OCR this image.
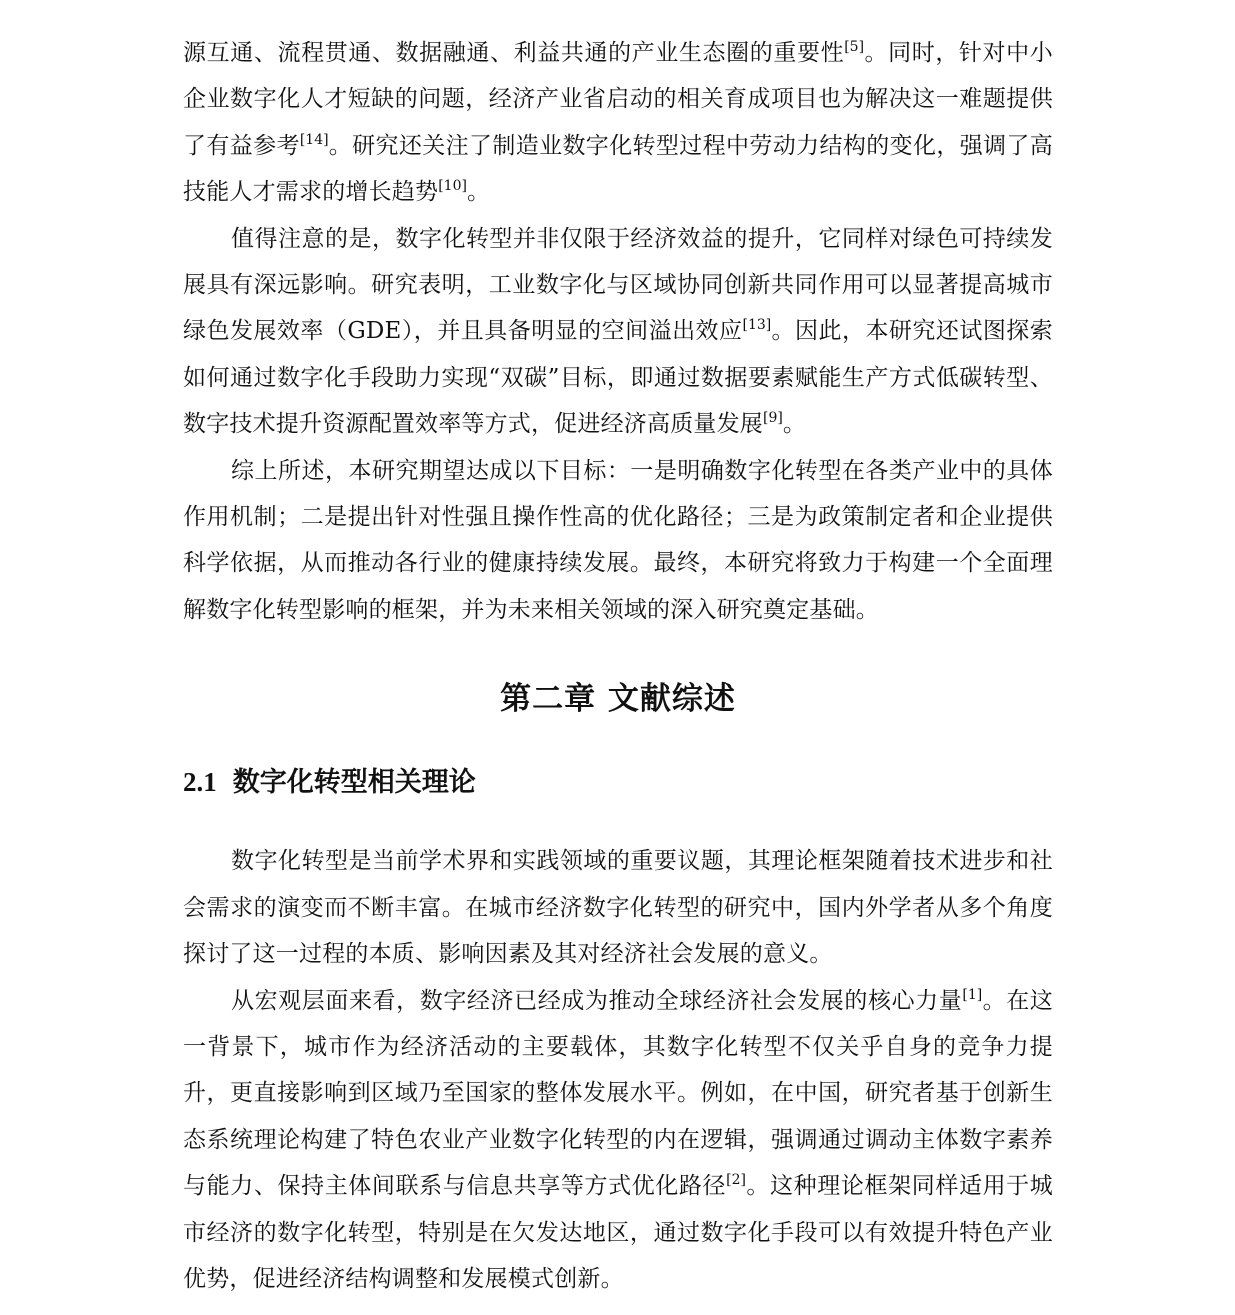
源互通、流程贯通、数据融通、利益共通的产业生态圈的重要性[5]。同时，针对中小企业数字化人才短缺的问题，经济产业省启动的相关育成项目也为解决这一难题提供了有益参考[14]。研究还关注了制造业数字化转型过程中劳动力结构的变化，强调了高技能人才需求的增长趋势[10]。

值得注意的是，数字化转型并非仅限于经济效益的提升，它同样对绿色可持续发展具有深远影响。研究表明，工业数字化与区域协同创新共同作用可以显著提高城市绿色发展效率（GDE），并且具备明显的空间溢出效应[13]。因此，本研究还试图探索如何通过数字化手段助力实现“双碳”目标，即通过数据要素赋能生产方式低碳转型、数字技术提升资源配置效率等方式，促进经济高质量发展[9]。

综上所述，本研究期望达成以下目标：一是明确数字化转型在各类产业中的具体作用机制；二是提出针对性强且操作性高的优化路径；三是为政策制定者和企业提供科学依据，从而推动各行业的健康持续发展。最终，本研究将致力于构建一个全面理解数字化转型影响的框架，并为未来相关领域的深入研究奠定基础。

第二章 文献综述
2.1 数字化转型相关理论

数字化转型是当前学术界和实践领域的重要议题，其理论框架随着技术进步和社会需求的演变而不断丰富。在城市经济数字化转型的研究中，国内外学者从多个角度探讨了这一过程的本质、影响因素及其对经济社会发展的意义。

从宏观层面来看，数字经济已经成为推动全球经济社会发展的核心力量[1]。在这一背景下，城市作为经济活动的主要载体，其数字化转型不仅关乎自身的竞争力提升，更直接影响到区域乃至国家的整体发展水平。例如，在中国，研究者基于创新生态系统理论构建了特色农业产业数字化转型的内在逻辑，强调通过调动主体数字素养与能力、保持主体间联系与信息共享等方式优化路径[2]。这种理论框架同样适用于城市经济的数字化转型，特别是在欠发达地区，通过数字化手段可以有效提升特色产业优势，促进经济结构调整和发展模式创新。
